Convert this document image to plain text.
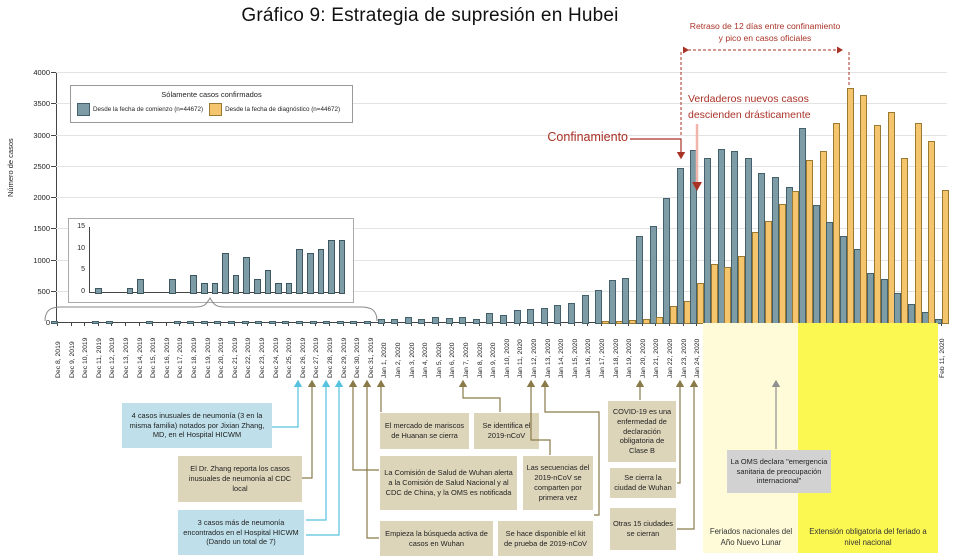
Gráfico 9: Estrategia de supresión en Hubei
Número de casos
0
500
1000
1500
2000
2500
3000
3500
4000
Dec 8, 2019 Dec 9, 2019 Dec 10, 2019 Dec 11, 2019 Dec 12, 2019 Dec 13, 2019 Dec 14, 2019 Dec 15, 2019 Dec 16, 2019 Dec 17, 2019 Dec 18, 2019 Dec 19, 2019 Dec 20, 2019 Dec 21, 2019 Dec 22, 2019 Dec 23, 2019 Dec 24, 2019 Dec 25, 2019 Dec 26, 2019 Dec 27, 2019 Dec 28, 2019 Dec 29, 2019 Dec 30, 2019 Dec 31, 2019 Jan 1, 2020 Jan 2, 2020 Jan 3, 2020 Jan 4, 2020 Jan 5, 2020 Jan 6, 2020 Jan 7, 2020 Jan 8, 2020 Jan 9, 2020 Jan 10, 2020 Jan 11, 2020 Jan 12, 2020 Jan 13, 2020 Jan 14, 2020 Jan 15, 2020 Jan 16, 2020 Jan 17, 2020 Jan 18, 2020 Jan 19, 2020 Jan 20, 2020 Jan 21, 2020 Jan 22, 2020 Jan 23, 2020 Jan 24, 2020	Feb 11, 2020
Sólamente casos confirmados
Desde la fecha de comienzo (n=44672)	Desde la fecha de diagnóstico (n=44672)
0
5
10
15
Feriados nacionales del Año Nuevo Lunar
Extensión obligatoria del feriado a nivel nacional
Retraso de 12 días entre confinamiento
y pico en casos oficiales
Verdaderos nuevos casos
descienden drásticamente
Confinamiento
4 casos inusuales de neumonía (3 en la misma familia) notados por Jixian Zhang, MD, en el Hospital HICWM
El Dr. Zhang reporta los casos inusuales de neumonía al CDC local
3 casos más de neumonía encontrados en el Hospital HICWM (Dando un total de 7)
El mercado de mariscos de Huanan se cierra
Se identifica el 2019-nCoV
La Comisión de Salud de Wuhan alerta a la Comisión de Salud Nacional y al CDC de China, y la OMS es notificada
Las secuencias del 2019-nCoV se comparten por primera vez
Empieza la búsqueda activa de casos en Wuhan
Se hace disponible el kit de prueba de 2019-nCoV
COVID-19 es una enfermedad de declaración obligatoria de Clase B
Se cierra la ciudad de Wuhan
Otras 15 ciudades se cierran
La OMS declara "emergencia sanitaria de preocupación internacional"
